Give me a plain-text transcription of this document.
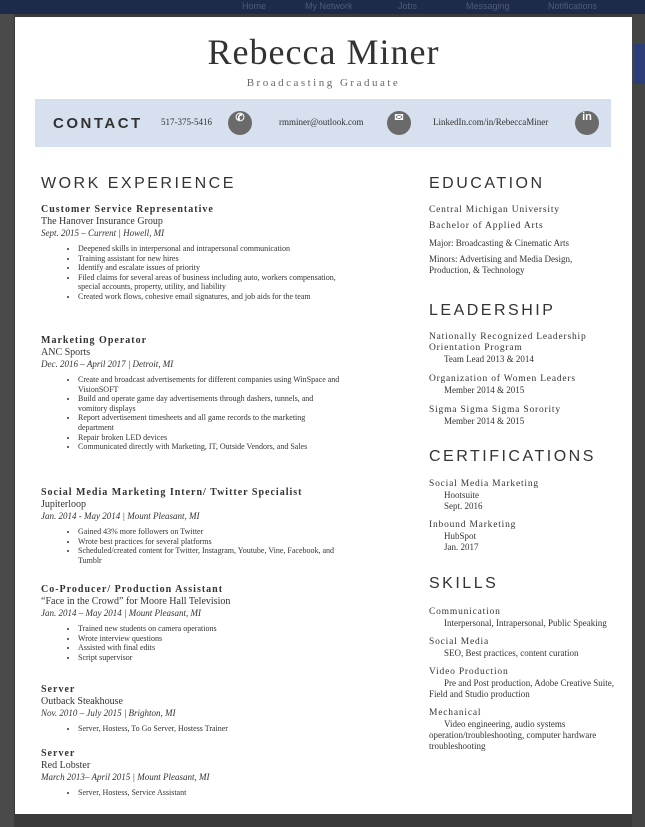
Home	My Network	Jobs	Messaging	Notifications
Rebecca Miner
Broadcasting Graduate
CONTACT 517-375-5416	✆	rmminer@outlook.com	✉	LinkedIn.com/in/RebeccaMiner	in
WORK EXPERIENCE
Customer Service Representative
The Hanover Insurance Group
Sept. 2015 – Current | Howell, MI
• Deepened skills in interpersonal and intrapersonal communication
• Training assistant for new hires
• Identify and escalate issues of priority
• Filed claims for several areas of business including auto, workers compensation, special accounts, property, utility, and liability
• Created work flows, cohesive email signatures, and job aids for the team
Marketing Operator
ANC Sports
Dec. 2016 – April 2017 | Detroit, MI
• Create and broadcast advertisements for different companies using WinSpace and VisionSOFT
• Build and operate game day advertisements through dashers, tunnels, and vomitory displays
• Report advertisement timesheets and all game records to the marketing department
• Repair broken LED devices
• Communicated directly with Marketing, IT, Outside Vendors, and Sales
Social Media Marketing Intern/ Twitter Specialist
Jupiterloop
Jan. 2014 - May 2014 | Mount Pleasant, MI
• Gained 43% more followers on Twitter
• Wrote best practices for several platforms
• Scheduled/created content for Twitter, Instagram, Youtube, Vine, Facebook, and Tumblr
Co-Producer/ Production Assistant
“Face in the Crowd” for Moore Hall Television
Jan. 2014 – May 2014 | Mount Pleasant, MI
• Trained new students on camera operations
• Wrote interview questions
• Assisted with final edits
• Script supervisor
Server
Outback Steakhouse
Nov. 2010 – July 2015 | Brighton, MI
• Server, Hostess, To Go Server, Hostess Trainer
Server
Red Lobster
March 2013– April 2015 | Mount Pleasant, MI
• Server, Hostess, Service Assistant
EDUCATION
Central Michigan University
Bachelor of Applied Arts
Major: Broadcasting & Cinematic Arts
Minors: Advertising and Media Design, Production, & Technology
LEADERSHIP
Nationally Recognized Leadership Orientation Program
Team Lead 2013 & 2014
Organization of Women Leaders
Member 2014 & 2015
Sigma Sigma Sigma Sorority
Member 2014 & 2015
CERTIFICATIONS
Social Media Marketing
Hootsuite
Sept. 2016
Inbound Marketing
HubSpot
Jan. 2017
SKILLS
Communication
Interpersonal, Intrapersonal, Public Speaking
Social Media
SEO, Best practices, content curation
Video Production
Pre and Post production, Adobe Creative Suite, Field and Studio production
Mechanical
Video engineering, audio systems operation/troubleshooting, computer hardware troubleshooting
